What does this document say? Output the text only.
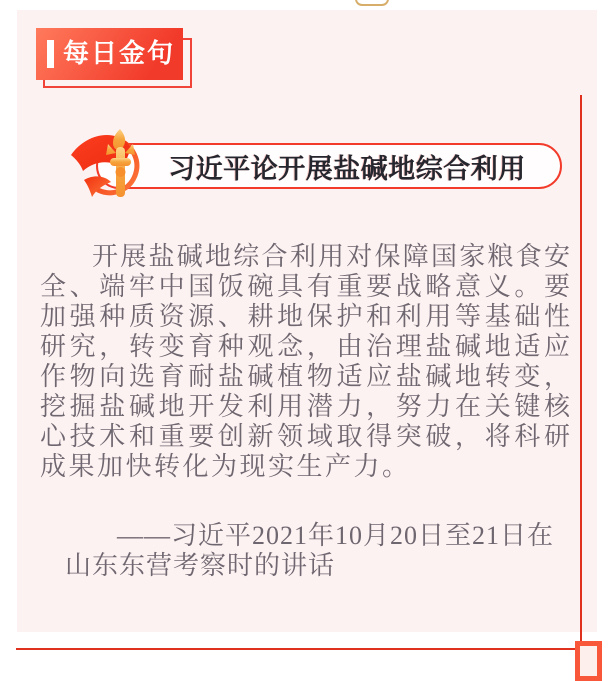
每日金句
习近平论开展盐碱地综合利用
开展盐碱地综合利用对保障国家粮食安
全、端牢中国饭碗具有重要战略意义。要
加强种质资源、耕地保护和利用等基础性
研究，转变育种观念，由治理盐碱地适应
作物向选育耐盐碱植物适应盐碱地转变，
挖掘盐碱地开发利用潜力，努力在关键核
心技术和重要创新领域取得突破，将科研
成果加快转化为现实生产力。
——习近平2021年10月20日至21日在
山东东营考察时的讲话
